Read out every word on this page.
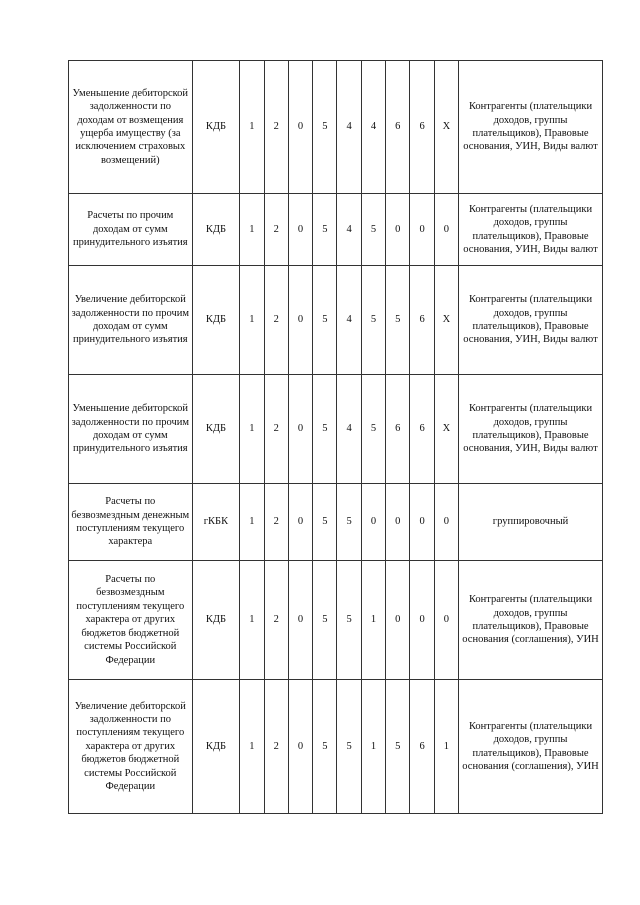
Уменьшение дебиторской задолженности по доходам от возмещения ущерба имуществу (за исключением страховых возмещений)	КДБ	1	2	0	5	4	4	6	6	X	Контрагенты (плательщики доходов, группы плательщиков), Правовые основания, УИН, Виды валют
Расчеты по прочим доходам от сумм принудительного изъятия	КДБ	1	2	0	5	4	5	0	0	0	Контрагенты (плательщики доходов, группы плательщиков), Правовые основания, УИН, Виды валют
Увеличение дебиторской задолженности по прочим доходам от сумм принудительного изъятия	КДБ	1	2	0	5	4	5	5	6	X	Контрагенты (плательщики доходов, группы плательщиков), Правовые основания, УИН, Виды валют
Уменьшение дебиторской задолженности по прочим доходам от сумм принудительного изъятия	КДБ	1	2	0	5	4	5	6	6	X	Контрагенты (плательщики доходов, группы плательщиков), Правовые основания, УИН, Виды валют
Расчеты по безвозмездным денежным поступлениям текущего характера	гКБК	1	2	0	5	5	0	0	0	0	группировочный
Расчеты по безвозмездным поступлениям текущего характера от других бюджетов бюджетной системы Российской Федерации	КДБ	1	2	0	5	5	1	0	0	0	Контрагенты (плательщики доходов, группы плательщиков), Правовые основания (соглашения), УИН
Увеличение дебиторской задолженности по поступлениям текущего характера от других бюджетов бюджетной системы Российской Федерации	КДБ	1	2	0	5	5	1	5	6	1	Контрагенты (плательщики доходов, группы плательщиков), Правовые основания (соглашения), УИН
